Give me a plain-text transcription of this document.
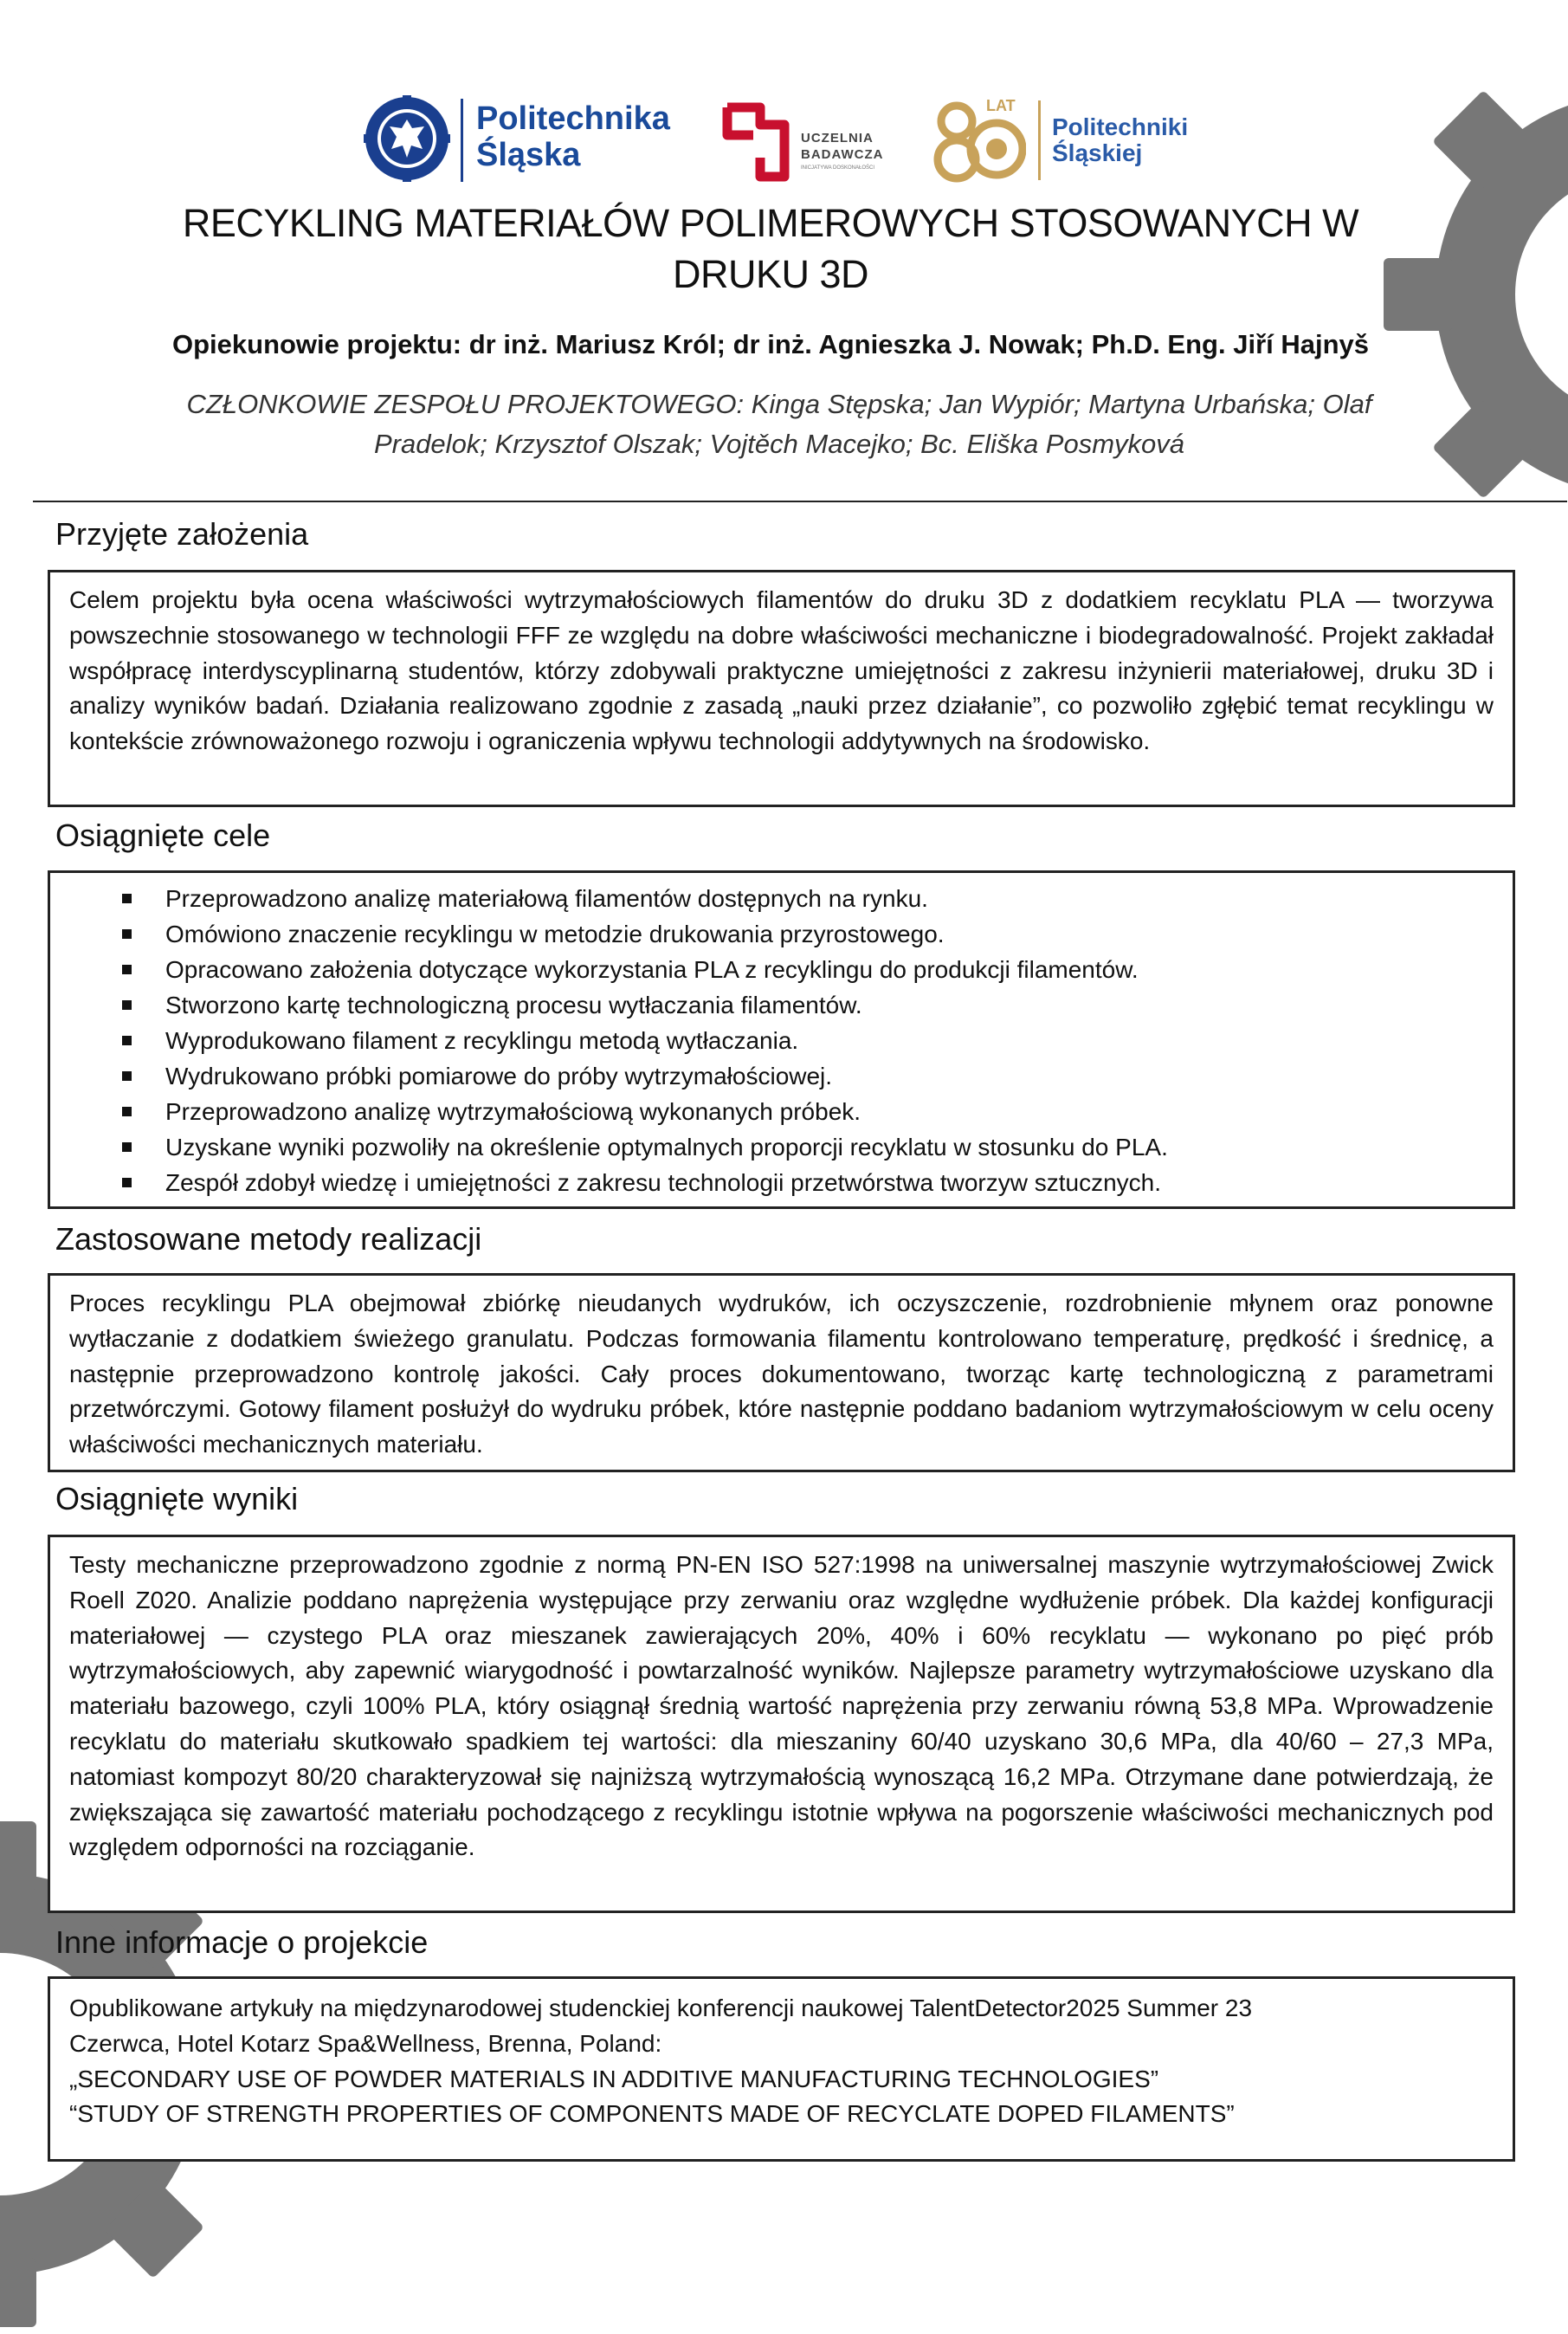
Politechnika
Śląska	UCZELNIA
BADAWCZA
INICJATYWA DOSKONAŁOŚCI
LAT
Politechniki
Śląskiej
RECYKLING MATERIAŁÓW POLIMEROWYCH STOSOWANYCH W DRUKU 3D
Opiekunowie projektu: dr inż. Mariusz Król; dr inż. Agnieszka J. Nowak; Ph.D. Eng. Jiří Hajnyš
CZŁONKOWIE ZESPOŁU PROJEKTOWEGO: Kinga Stępska; Jan Wypiór; Martyna Urbańska; Olaf Pradelok; Krzysztof Olszak; Vojtěch Macejko; Bc. Eliška Posmyková
Przyjęte założenia

Celem projektu była ocena właściwości wytrzymałościowych filamentów do druku 3D z dodatkiem recyklatu PLA — tworzywa powszechnie stosowanego w technologii FFF ze względu na dobre właściwości mechaniczne i biodegradowalność. Projekt zakładał współpracę interdyscyplinarną studentów, którzy zdobywali praktyczne umiejętności z zakresu inżynierii materiałowej, druku 3D i analizy wyników badań. Działania realizowano zgodnie z zasadą „nauki przez działanie”, co pozwoliło zgłębić temat recyklingu w kontekście zrównoważonego rozwoju i ograniczenia wpływu technologii addytywnych na środowisko.

Osiągnięte cele
Przeprowadzono analizę materiałową filamentów dostępnych na rynku.
Omówiono znaczenie recyklingu w metodzie drukowania przyrostowego.
Opracowano założenia dotyczące wykorzystania PLA z recyklingu do produkcji filamentów.
Stworzono kartę technologiczną procesu wytłaczania filamentów.
Wyprodukowano filament z recyklingu metodą wytłaczania.
Wydrukowano próbki pomiarowe do próby wytrzymałościowej.
Przeprowadzono analizę wytrzymałościową wykonanych próbek.
Uzyskane wyniki pozwoliły na określenie optymalnych proporcji recyklatu w stosunku do PLA.
Zespół zdobył wiedzę i umiejętności z zakresu technologii przetwórstwa tworzyw sztucznych.
Zastosowane metody realizacji

Proces recyklingu PLA obejmował zbiórkę nieudanych wydruków, ich oczyszczenie, rozdrobnienie młynem oraz ponowne wytłaczanie z dodatkiem świeżego granulatu. Podczas formowania filamentu kontrolowano temperaturę, prędkość i średnicę, a następnie przeprowadzono kontrolę jakości. Cały proces dokumentowano, tworząc kartę technologiczną z parametrami przetwórczymi. Gotowy filament posłużył do wydruku próbek, które następnie poddano badaniom wytrzymałościowym w celu oceny właściwości mechanicznych materiału.

Osiągnięte wyniki

Testy mechaniczne przeprowadzono zgodnie z normą PN-EN ISO 527:1998 na uniwersalnej maszynie wytrzymałościowej Zwick Roell Z020. Analizie poddano naprężenia występujące przy zerwaniu oraz względne wydłużenie próbek. Dla każdej konfiguracji materiałowej — czystego PLA oraz mieszanek zawierających 20%, 40% i 60% recyklatu — wykonano po pięć prób wytrzymałościowych, aby zapewnić wiarygodność i powtarzalność wyników. Najlepsze parametry wytrzymałościowe uzyskano dla materiału bazowego, czyli 100% PLA, który osiągnął średnią wartość naprężenia przy zerwaniu równą 53,8 MPa. Wprowadzenie recyklatu do materiału skutkowało spadkiem tej wartości: dla mieszaniny 60/40 uzyskano 30,6 MPa, dla 40/60 – 27,3 MPa, natomiast kompozyt 80/20 charakteryzował się najniższą wytrzymałością wynoszącą 16,2 MPa. Otrzymane dane potwierdzają, że zwiększająca się zawartość materiału pochodzącego z recyklingu istotnie wpływa na pogorszenie właściwości mechanicznych pod względem odporności na rozciąganie.

Inne informacje o projekcie

Opublikowane artykuły na międzynarodowej studenckiej konferencji naukowej TalentDetector2025 Summer 23
Czerwca, Hotel Kotarz Spa&Wellness, Brenna, Poland:
„SECONDARY USE OF POWDER MATERIALS IN ADDITIVE MANUFACTURING TECHNOLOGIES”
“STUDY OF STRENGTH PROPERTIES OF COMPONENTS MADE OF RECYCLATE DOPED FILAMENTS”
